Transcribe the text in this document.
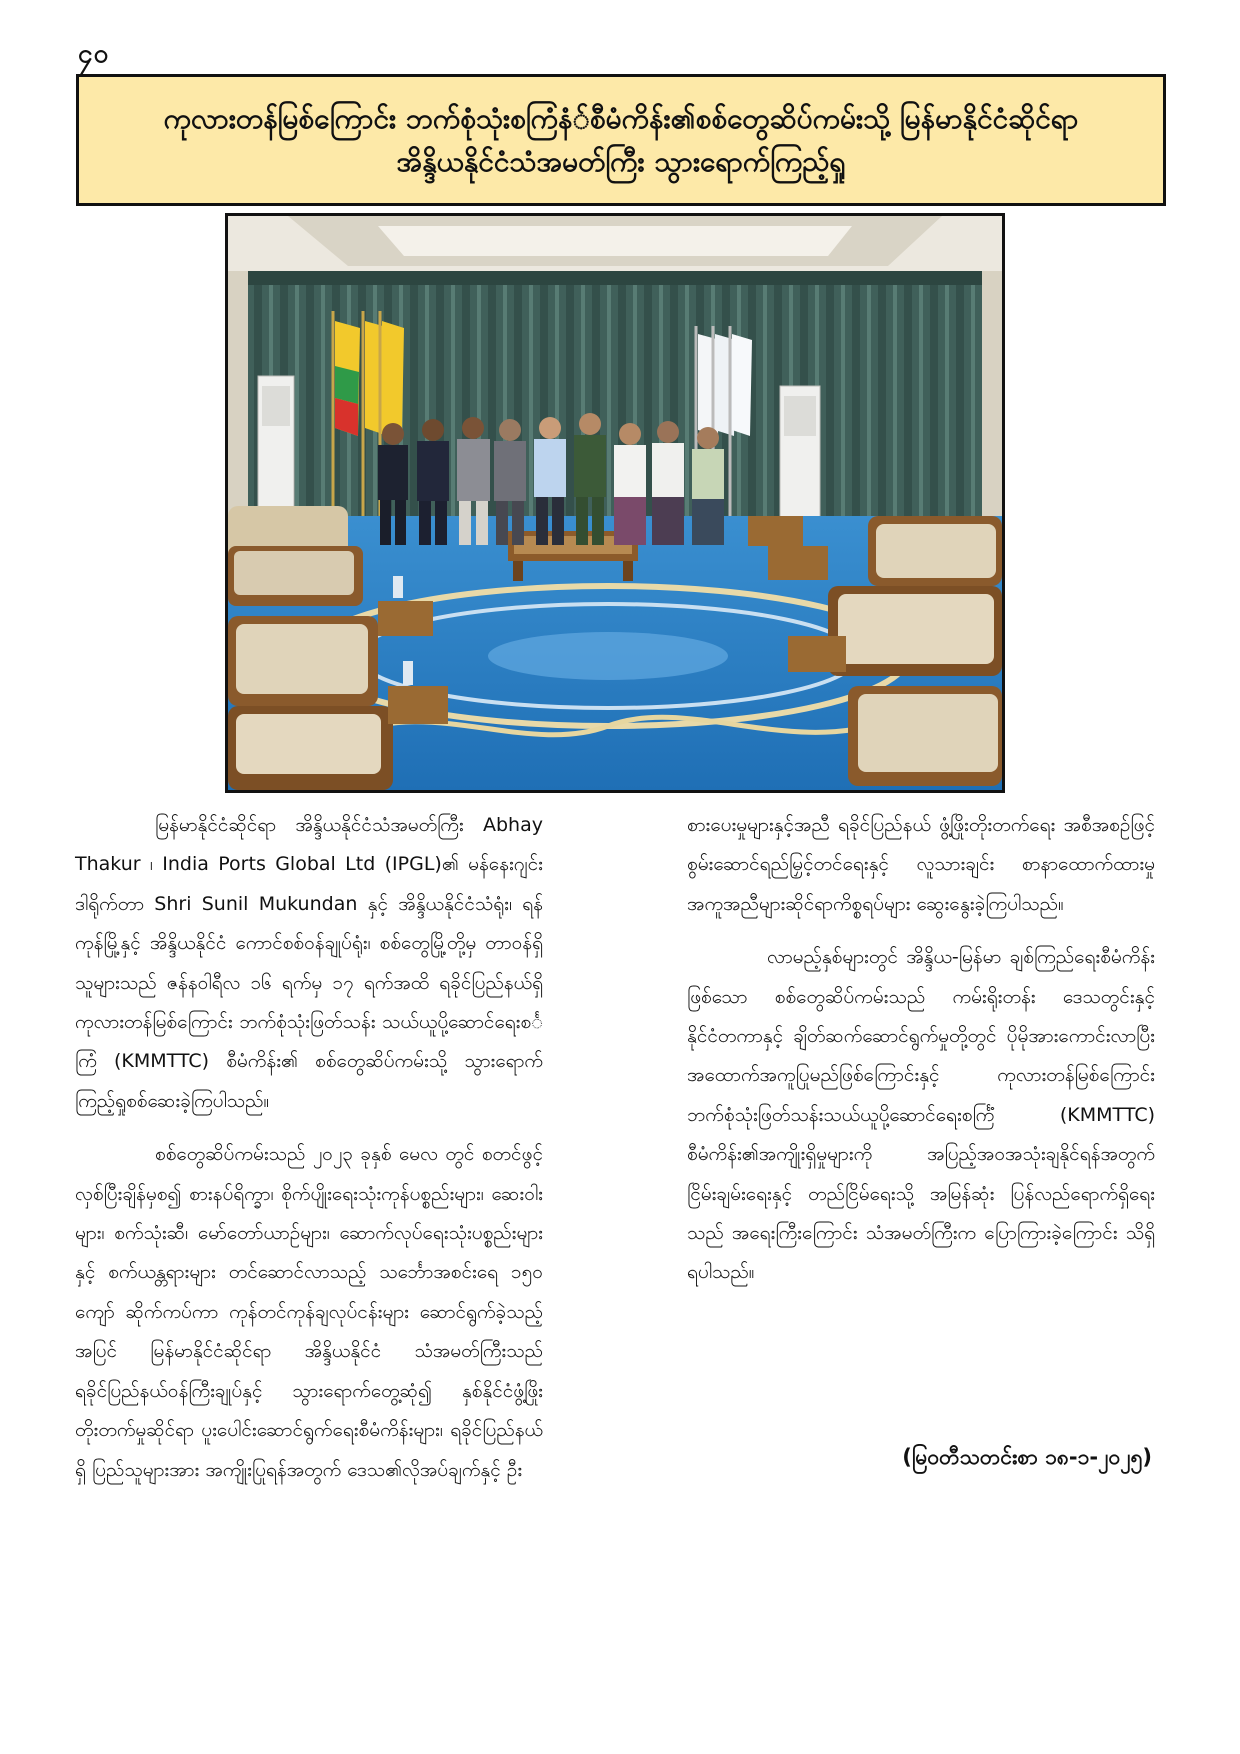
၄၀
ကုလားတန်မြစ်ကြောင်း ဘက်စုံသုံးစကြံနံ်စီမံကိန်း၏စစ်တွေဆိပ်ကမ်းသို့ မြန်မာနိုင်ငံဆိုင်ရာ
အိန္ဒိယနိုင်ငံသံအမတ်ကြီး သွားရောက်ကြည့်ရှု

မြန်မာနိုင်ငံဆိုင်ရာ အိန္ဒိယနိုင်ငံသံအမတ်ကြီး Abhay Thakur ၊ India Ports Global Ltd (IPGL)၏ မန်နေးဂျင်း ဒါရိုက်တာ Shri Sunil Mukundan နှင့် အိန္ဒိယနိုင်ငံသံရုံး၊ ရန်ကုန်မြို့နှင့် အိန္ဒိယနိုင်ငံ ကောင်စစ်ဝန်ချုပ်ရုံး၊ စစ်တွေမြို့တို့မှ တာဝန်ရှိသူများသည် ဇန်နဝါရီလ ၁၆ ရက်မှ ၁၇ ရက်အထိ ရခိုင်ပြည်နယ်ရှိ ကုလားတန်မြစ်ကြောင်း ဘက်စုံသုံးဖြတ်သန်း သယ်ယူပို့ဆောင်ရေးစင်္ကြံ (KMMTTC) စီမံကိန်း၏ စစ်တွေဆိပ်ကမ်းသို့ သွားရောက်ကြည့်ရှုစစ်ဆေးခဲ့ကြပါသည်။

စစ်တွေဆိပ်ကမ်းသည် ၂၀၂၃ ခုနှစ် မေလ တွင် စတင်ဖွင့်လှစ်ပြီးချိန်မှစ၍ စားနပ်ရိက္ခာ၊ စိုက်ပျိုးရေးသုံးကုန်ပစ္စည်းများ၊ ဆေးဝါးများ၊ စက်သုံးဆီ၊ မော်တော်ယာဉ်များ၊ ဆောက်လုပ်ရေးသုံးပစ္စည်းများနှင့် စက်ယန္တရားများ တင်ဆောင်လာသည့် သင်္ဘောအစင်းရေ ၁၅၀ ကျော် ဆိုက်ကပ်ကာ ကုန်တင်ကုန်ချလုပ်ငန်းများ ဆောင်ရွက်ခဲ့သည့်အပြင် မြန်မာနိုင်ငံဆိုင်ရာ အိန္ဒိယနိုင်ငံ သံအမတ်ကြီးသည် ရခိုင်ပြည်နယ်ဝန်ကြီးချုပ်နှင့် သွားရောက်တွေ့ဆုံ၍ နှစ်နိုင်ငံဖွံ့ဖြိုးတိုးတက်မှုဆိုင်ရာ ပူးပေါင်းဆောင်ရွက်ရေးစီမံကိန်းများ၊ ရခိုင်ပြည်နယ်ရှိ ပြည်သူများအား အကျိုးပြုရန်အတွက် ဒေသ၏လိုအပ်ချက်နှင့် ဦး

စားပေးမှုများနှင့်အညီ ရခိုင်ပြည်နယ် ဖွံ့ဖြိုးတိုးတက်ရေး အစီအစဉ်ဖြင့် စွမ်းဆောင်ရည်မြှင့်တင်ရေးနှင့် လူသားချင်း စာနာထောက်ထားမှုအကူအညီများဆိုင်ရာကိစ္စရပ်များ ဆွေးနွေးခဲ့ကြပါသည်။

လာမည့်နှစ်များတွင် အိန္ဒိယ-မြန်မာ ချစ်ကြည်ရေးစီမံကိန်းဖြစ်သော စစ်တွေဆိပ်ကမ်းသည် ကမ်းရိုးတန်း ဒေသတွင်းနှင့် နိုင်ငံတကာနှင့် ချိတ်ဆက်ဆောင်ရွက်မှုတို့တွင် ပိုမိုအားကောင်းလာပြီး အထောက်အကူပြုမည်ဖြစ်ကြောင်းနှင့် ကုလားတန်မြစ်ကြောင်း ဘက်စုံသုံးဖြတ်သန်းသယ်ယူပို့ဆောင်ရေးစင်္ကြံ (KMMTTC) စီမံကိန်း၏အကျိုးရှိမှုများကို အပြည့်အဝအသုံးချနိုင်ရန်အတွက် ငြိမ်းချမ်းရေးနှင့် တည်ငြိမ်ရေးသို့ အမြန်ဆုံး ပြန်လည်ရောက်ရှိရေးသည် အရေးကြီးကြောင်း သံအမတ်ကြီးက ပြောကြားခဲ့ကြောင်း သိရှိရပါသည်။

(မြဝတီသတင်းစာ ၁၈-၁-၂၀၂၅)
